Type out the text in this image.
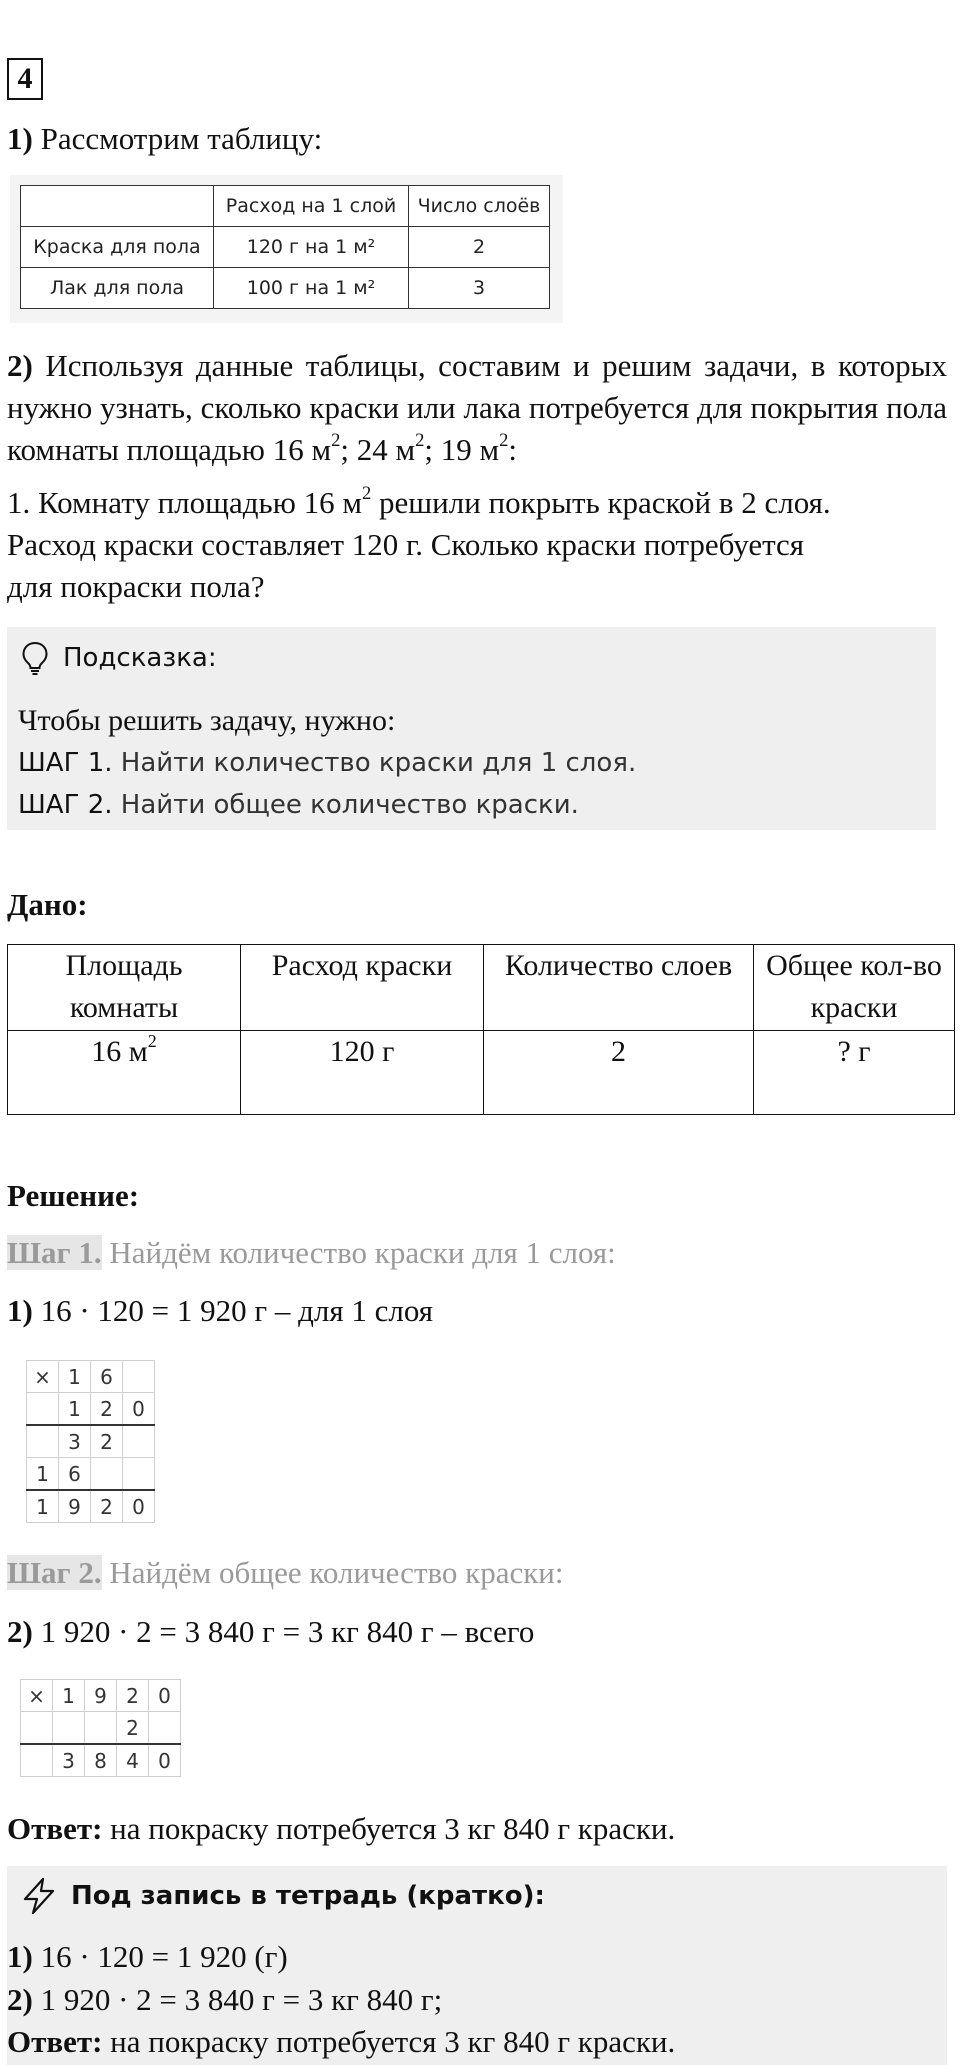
4
1) Рассмотрим таблицу:
	Расход на 1 слой	Число слоёв
Краска для пола	120 г на 1 м²	2
Лак для пола	100 г на 1 м²	3
2) Используя данные таблицы, составим и решим задачи, в которых нужно узнать, сколько краски или лака потребуется для покрытия пола комнаты площадью 16 $м^2$; 24 $м^2$; 19 $м^2$:
1. Комнату площадью 16 $м^2$ решили покрыть краской в 2 слоя.
Расход краски составляет 120 г. Сколько краски потребуется
для покраски пола?
Подсказка:
Чтобы решить задачу, нужно:
ШАГ 1. Найти количество краски для 1 слоя.
ШАГ 2. Найти общее количество краски.
Дано:
Площадь комнаты	Расход краски	Количество слоев	Общее кол-во краски
16 $м^2$	120 г	2	? г
Решение:
Шаг 1. Найдём количество краски для 1 слоя:
1) 16 · 120 = 1 920 г – для 1 слоя
×	1	6	
	1	2	0
	3	2	
1	6		
1	9	2	0
Шаг 2. Найдём общее количество краски:
2) 1 920 · 2 = 3 840 г = 3 кг 840 г – всего
×	1	9	2	0
			2	
	3	8	4	0
Ответ: на покраску потребуется 3 кг 840 г краски.
Под запись в тетрадь (кратко):
1) 16 · 120 = 1 920 (г)
2) 1 920 · 2 = 3 840 г = 3 кг 840 г;
Ответ: на покраску потребуется 3 кг 840 г краски.
